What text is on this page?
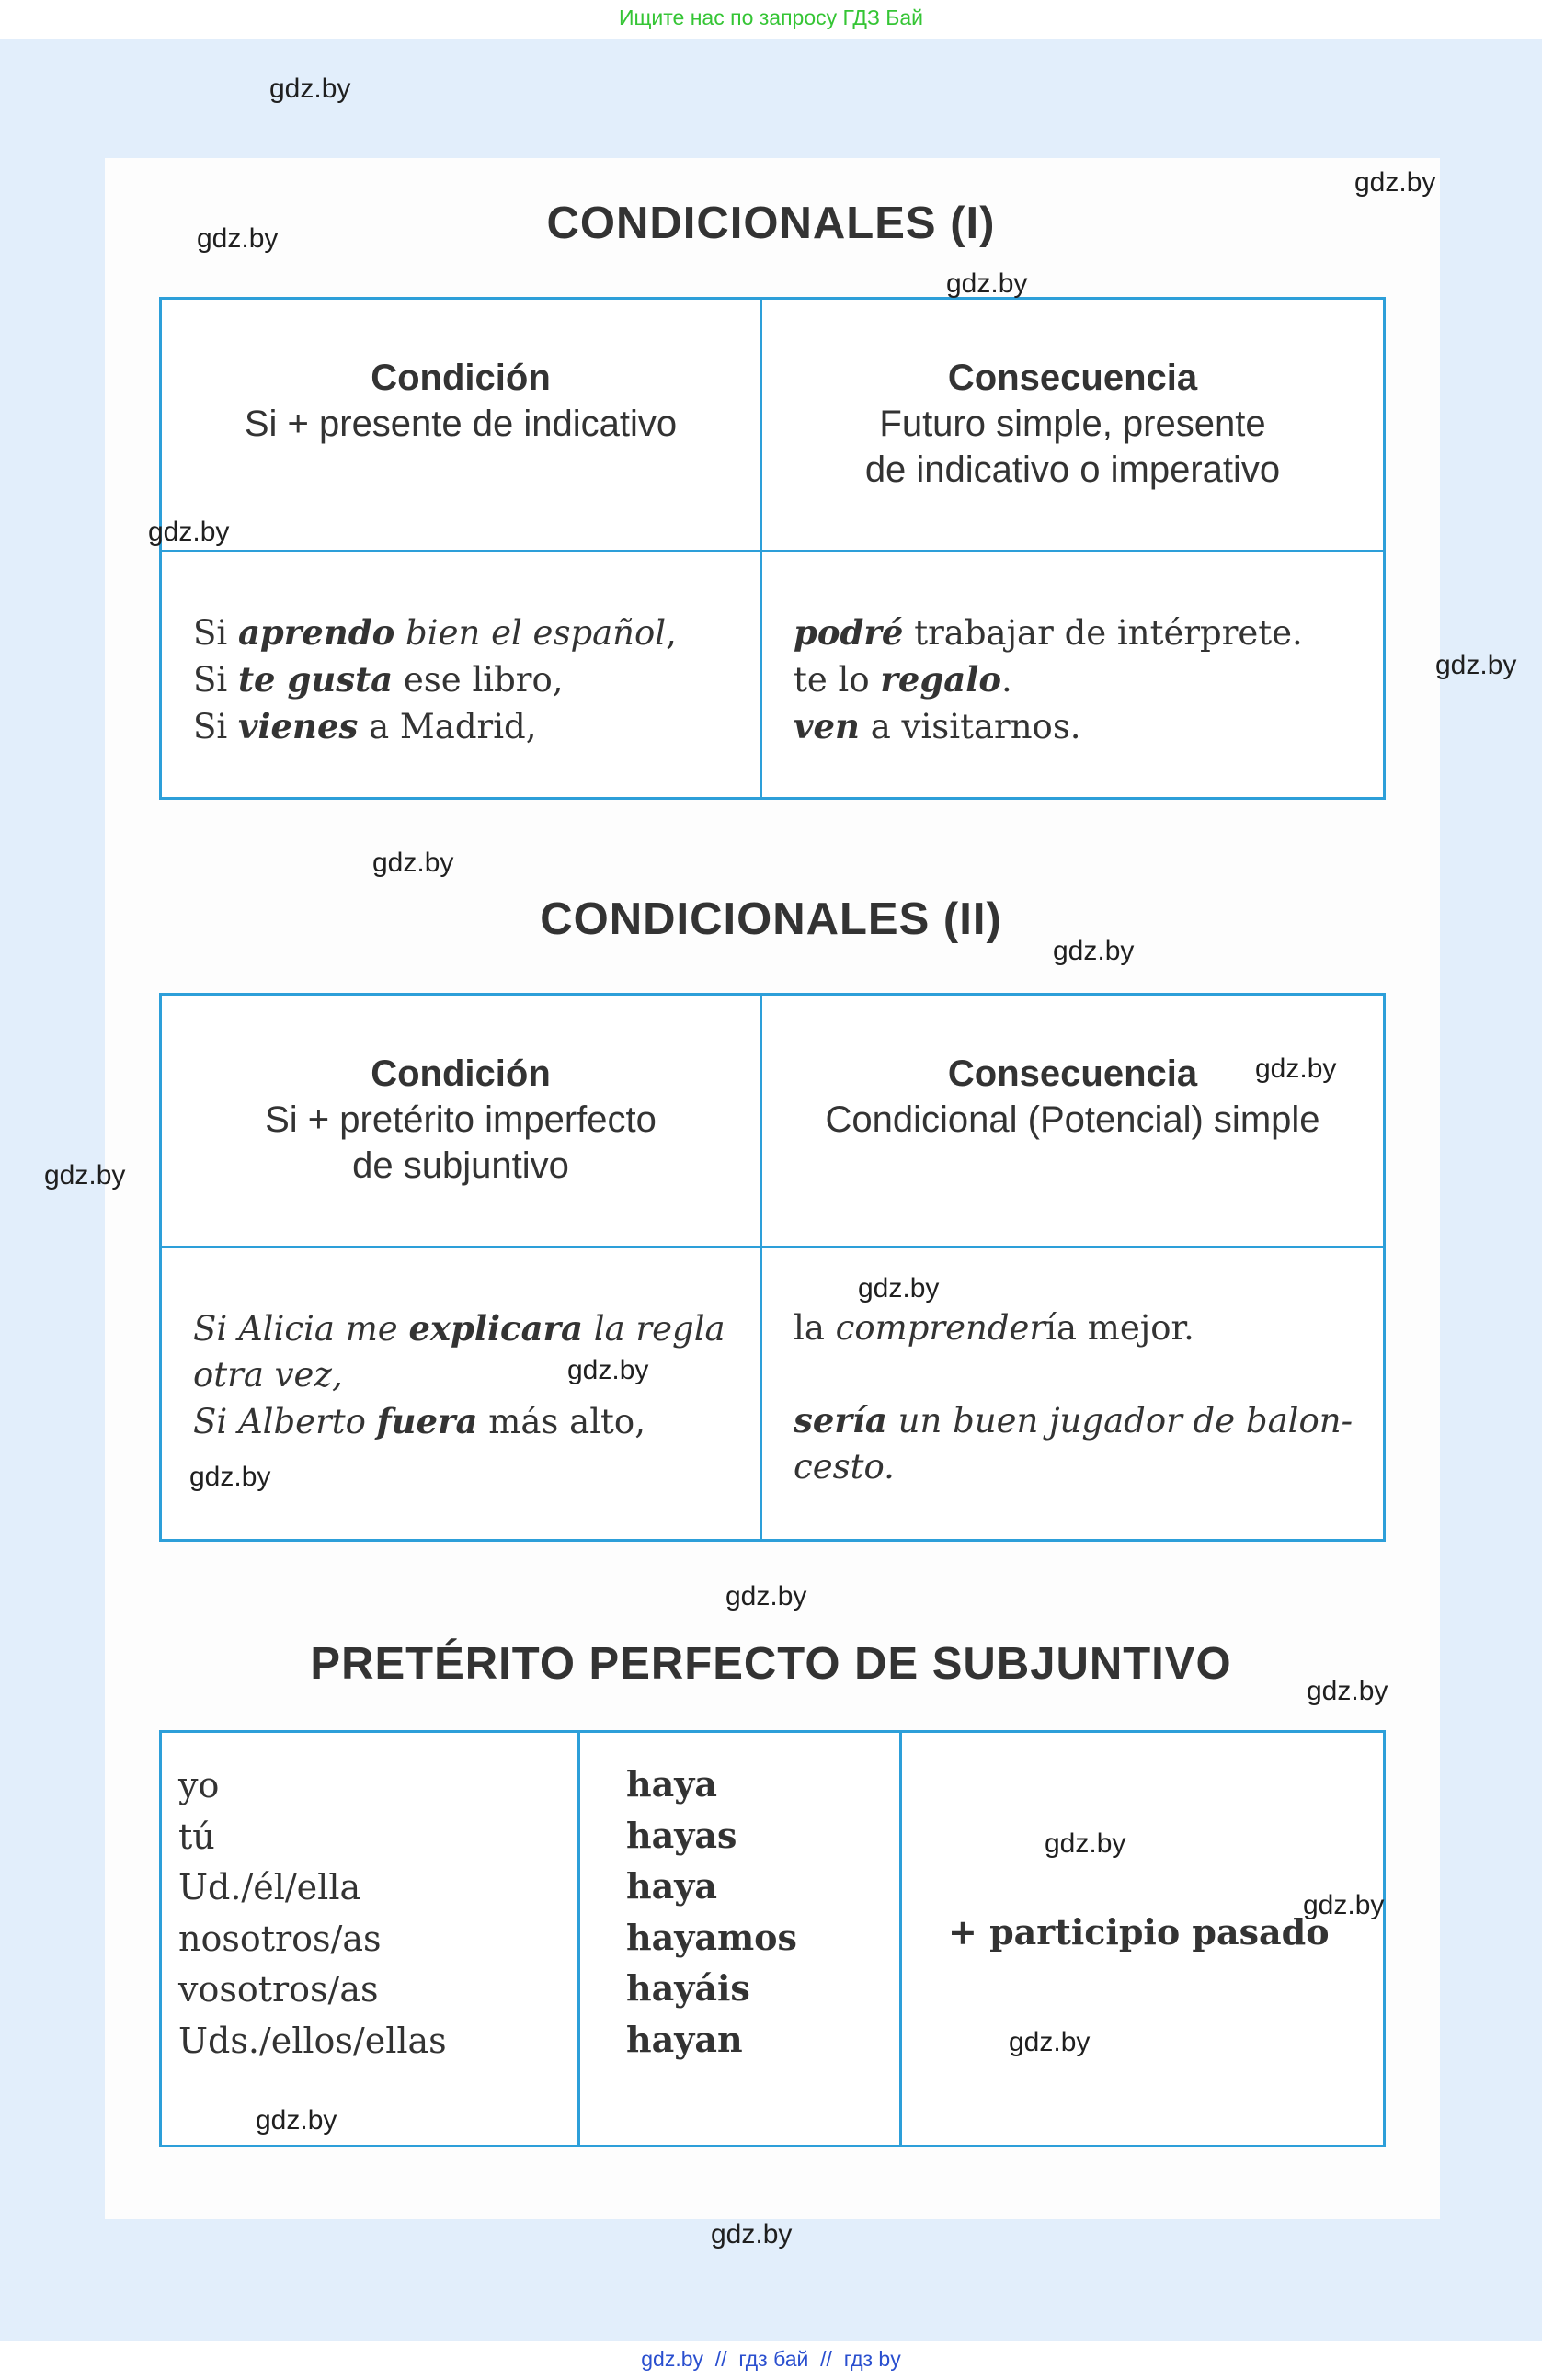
Ищите нас по запросу ГДЗ Бай
CONDICIONALES (I)
Condición
Si + presente de indicativo
Consecuencia
Futuro simple, presente
de indicativo o imperativo
Si aprendo bien el español,
Si te gusta ese libro,
Si vienes a Madrid,
podré trabajar de intérprete.
te lo regalo.
ven a visitarnos.
CONDICIONALES (II)
Condición
Si + pretérito imperfecto
de subjuntivo
Consecuencia
Condicional (Potencial) simple
Si Alicia me explicara la regla
otra vez,
Si Alberto fuera más alto,
la comprendería mejor.

sería un buen jugador de balon-
cesto.
PRETÉRITO PERFECTO DE SUBJUNTIVO
yo
tú
Ud./él/ella
nosotros/as
vosotros/as
Uds./ellos/ellas
haya
hayas
haya
hayamos
hayáis
hayan
+ participio pasado
gdz.by
gdz.by
gdz.by
gdz.by
gdz.by
gdz.by
gdz.by
gdz.by
gdz.by
gdz.by
gdz.by
gdz.by
gdz.by
gdz.by
gdz.by
gdz.by
gdz.by
gdz.by
gdz.by
gdz.by
gdz.by  //  гдз бай  //  гдз by
